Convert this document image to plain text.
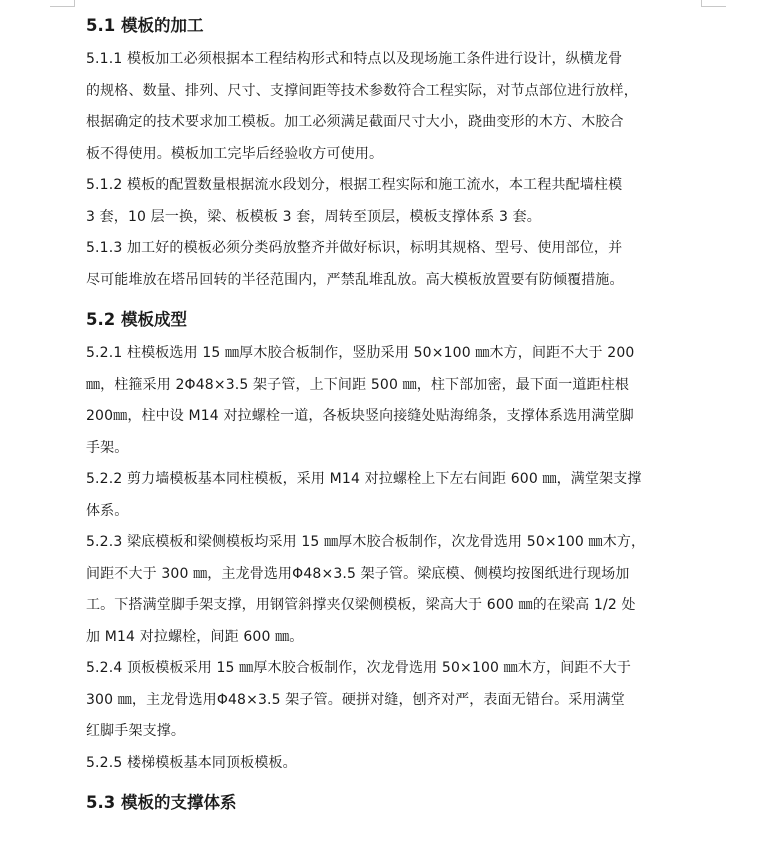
5.1 模板的加工

5.1.1 模板加工必须根据本工程结构形式和特点以及现场施工条件进行设计，纵横龙骨
的规格、数量、排列、尺寸、支撑间距等技术参数符合工程实际，对节点部位进行放样，
根据确定的技术要求加工模板。加工必须满足截面尺寸大小，跷曲变形的木方、木胶合
板不得使用。模板加工完毕后经验收方可使用。

5.1.2 模板的配置数量根据流水段划分，根据工程实际和施工流水，本工程共配墙柱模
3 套，10 层一换，梁、板模板 3 套，周转至顶层，模板支撑体系 3 套。

5.1.3 加工好的模板必须分类码放整齐并做好标识，标明其规格、型号、使用部位，并
尽可能堆放在塔吊回转的半径范围内，严禁乱堆乱放。高大模板放置要有防倾覆措施。

5.2 模板成型

5.2.1 柱模板选用 15 ㎜厚木胶合板制作，竖肋采用 50×100 ㎜木方，间距不大于 200
㎜，柱箍采用 2Φ48×3.5 架子管，上下间距 500 ㎜，柱下部加密，最下面一道距柱根
200㎜，柱中设 M14 对拉螺栓一道，各板块竖向接缝处贴海绵条，支撑体系选用满堂脚
手架。

5.2.2 剪力墙模板基本同柱模板，采用 M14 对拉螺栓上下左右间距 600 ㎜，满堂架支撑
体系。

5.2.3 梁底模板和梁侧模板均采用 15 ㎜厚木胶合板制作，次龙骨选用 50×100 ㎜木方，
间距不大于 300 ㎜，主龙骨选用Φ48×3.5 架子管。梁底模、侧模均按图纸进行现场加
工。下搭满堂脚手架支撑，用钢管斜撑夹仅梁侧模板，梁高大于 600 ㎜的在梁高 1/2 处
加 M14 对拉螺栓，间距 600 ㎜。

5.2.4 顶板模板采用 15 ㎜厚木胶合板制作，次龙骨选用 50×100 ㎜木方，间距不大于
300 ㎜，主龙骨选用Φ48×3.5 架子管。硬拼对缝，刨齐对严，表面无错台。采用满堂
红脚手架支撑。

5.2.5 楼梯模板基本同顶板模板。

5.3 模板的支撑体系
